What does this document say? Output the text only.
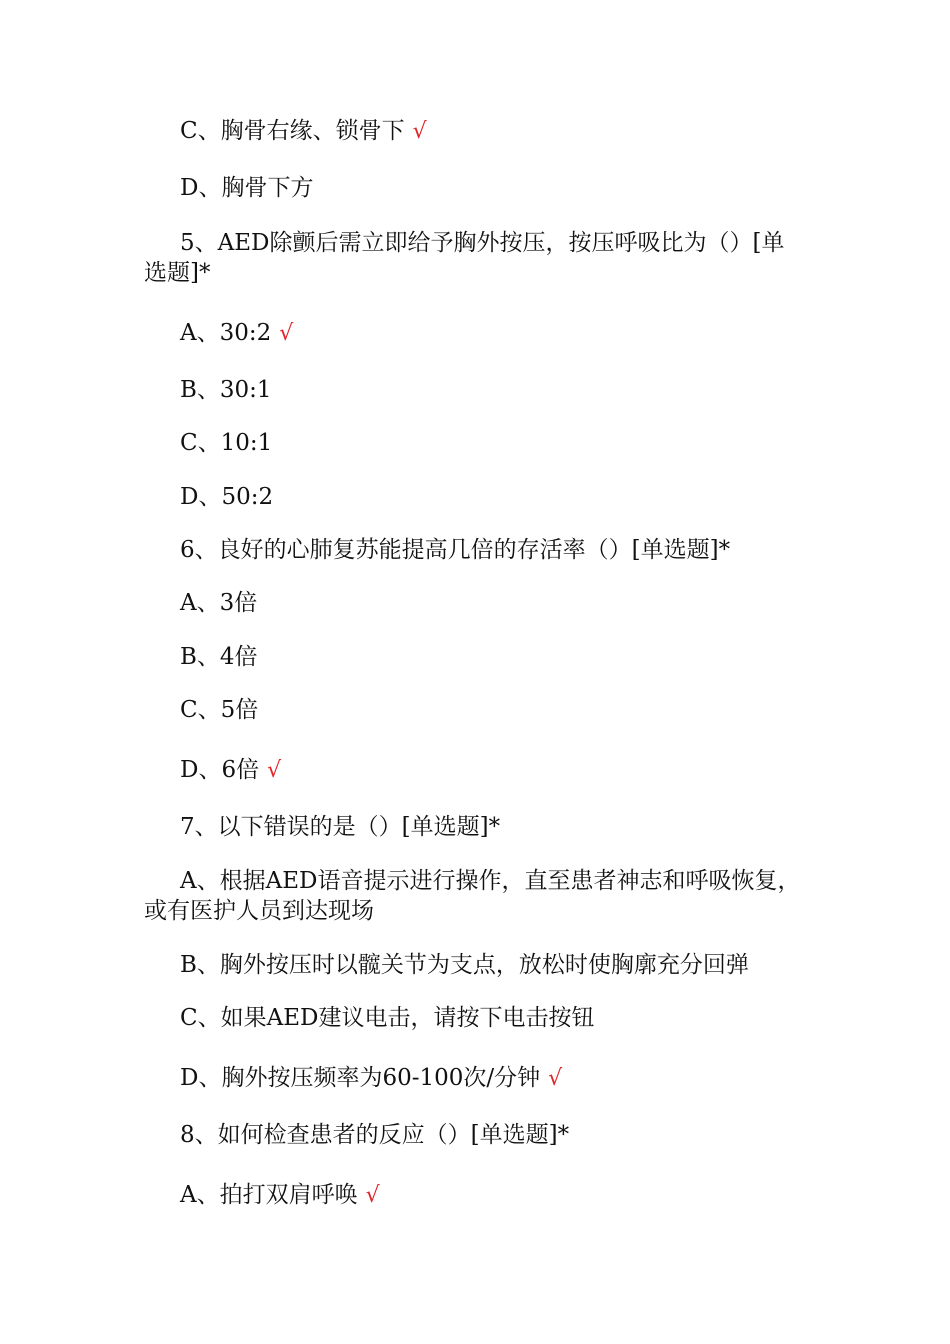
C、胸骨右缘、锁骨下 √
D、胸骨下方
5、AED除颤后需立即给予胸外按压，按压呼吸比为（）[单
选题]*
A、30:2 √
B、30:1
C、10:1
D、50:2
6、良好的心肺复苏能提高几倍的存活率（）[单选题]*
A、3倍
B、4倍
C、5倍
D、6倍 √
7、以下错误的是（）[单选题]*
A、根据AED语音提示进行操作，直至患者神志和呼吸恢复，
或有医护人员到达现场
B、胸外按压时以髋关节为支点，放松时使胸廓充分回弹
C、如果AED建议电击，请按下电击按钮
D、胸外按压频率为60-100次/分钟 √
8、如何检查患者的反应（）[单选题]*
A、拍打双肩呼唤 √
